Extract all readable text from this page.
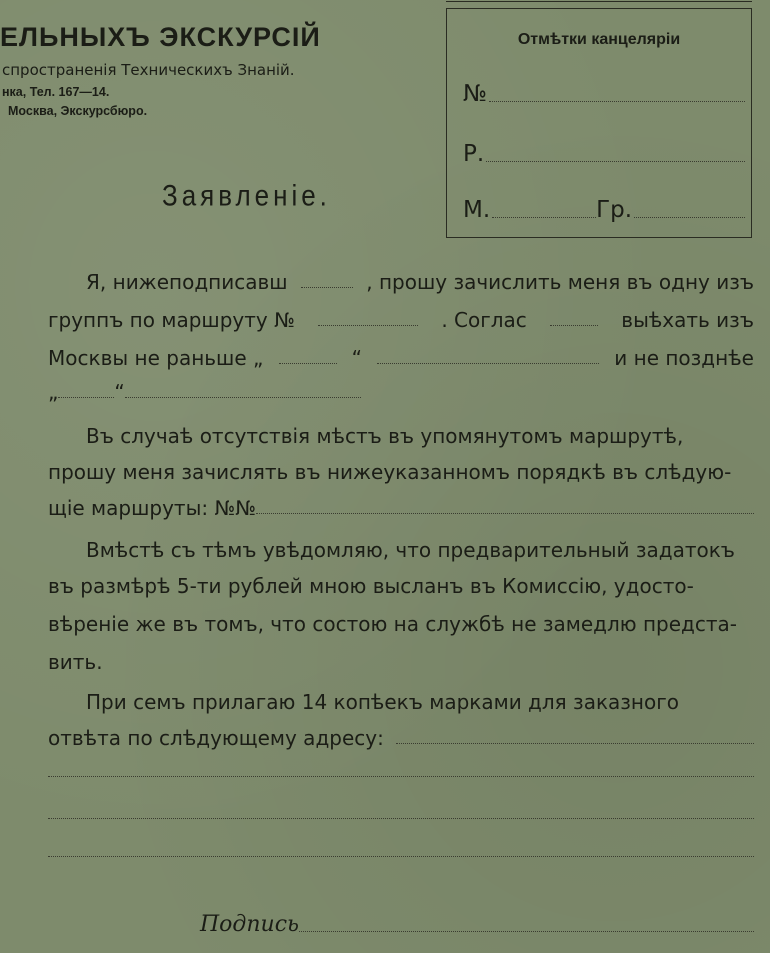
ЕЛЬНЫХЪ ЭКСКУРСІЙ
спространенія Техническихъ Знаній.
нка, Тел. 167—14.
Москва, Экскурсбюро.
Заявленіе.
Отмѣтки канцеляріи
№
Р.
М.	Гр.
Я, нижеподписавш	, прошу зачислить меня въ одну изъ
группъ по маршруту №	. Соглас	выѣхать изъ
Москвы не раньше „	“	и не позднѣе
„	“
Въ случаѣ отсутствія мѣстъ въ упомянутомъ маршрутѣ,
прошу меня зачислять въ нижеуказанномъ порядкѣ въ слѣдую-
щіе маршруты: №№
Вмѣстѣ съ тѣмъ увѣдомляю, что предварительный задатокъ
въ размѣрѣ 5-ти рублей мною высланъ въ Комиссію, удосто-
вѣреніе же въ томъ, что состою на службѣ не замедлю предста-
вить.
При семъ прилагаю 14 копѣекъ марками для заказного
отвѣта по слѣдующему адресу:
Подпись
